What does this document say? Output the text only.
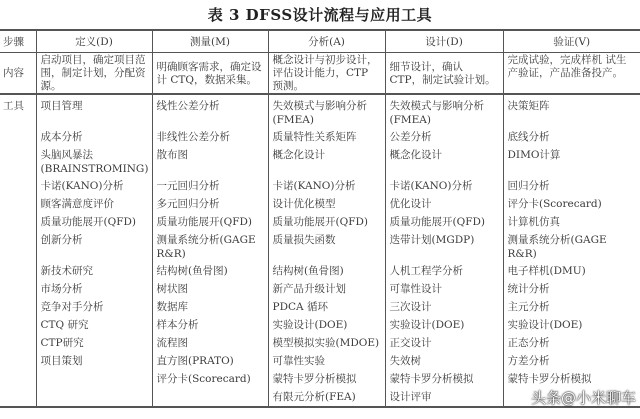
表 3 DFSS设计流程与应用工具
步骤	定义(D)	测量(M)	分析(A)	设计(D)	验证(V)
内容	启动项目，确定项目范围，制定计划，分配资源。	明确顾客需求，确定设计 CTQ，数据采集。	概念设计与初步设计，评估设计能力，CTP 预测。	细节设计，确认 CTP，制定试验计划。	完成试验，完成样机 试生产验证，产品准备投产。
工具	项目管理	线性公差分析	失效模式与影响分析(FMEA)	失效模式与影响分析(FMEA)	决策矩阵
	成本分析	非线性公差分析	质量特性关系矩阵	公差分析	底线分析
	头脑风暴法(BRAINSTROMING)	散布图	概念化设计	概念化设计	DIMO计算
	卡诺(KANO)分析	一元回归分析	卡诺(KANO)分析	卡诺(KANO)分析	回归分析
	顾客满意度评价	多元回归分析	设计优化模型	优化设计	评分卡(Scorecard)
	质量功能展开(QFD)	质量功能展开(QFD)	质量功能展开(QFD)	质量功能展开(QFD)	计算机仿真
	创新分析	测量系统分析(GAGE R&R)	质量损失函数	迭带计划(MGDP)	测量系统分析(GAGE R&R)
	新技术研究	结构树(鱼骨图)	结构树(鱼骨图)	人机工程学分析	电子样机(DMU)
	市场分析	树状图	新产品升级计划	可靠性设计	统计分析
	竞争对手分析	数据库	PDCA 循环	三次设计	主元分析
	CTQ 研究	样本分析	实验设计(DOE)	实验设计(DOE)	实验设计(DOE)
	CTP研究	流程图	模型模拟实验(MDOE)	正交设计	正态分析
	项目策划	直方图(PRATO)	可靠性实验	失效树	方差分析
		评分卡(Scorecard)	蒙特卡罗分析模拟	蒙特卡罗分析模拟	蒙特卡罗分析模拟
			有限元分析(FEA)	设计评审	头条@小米聊车
